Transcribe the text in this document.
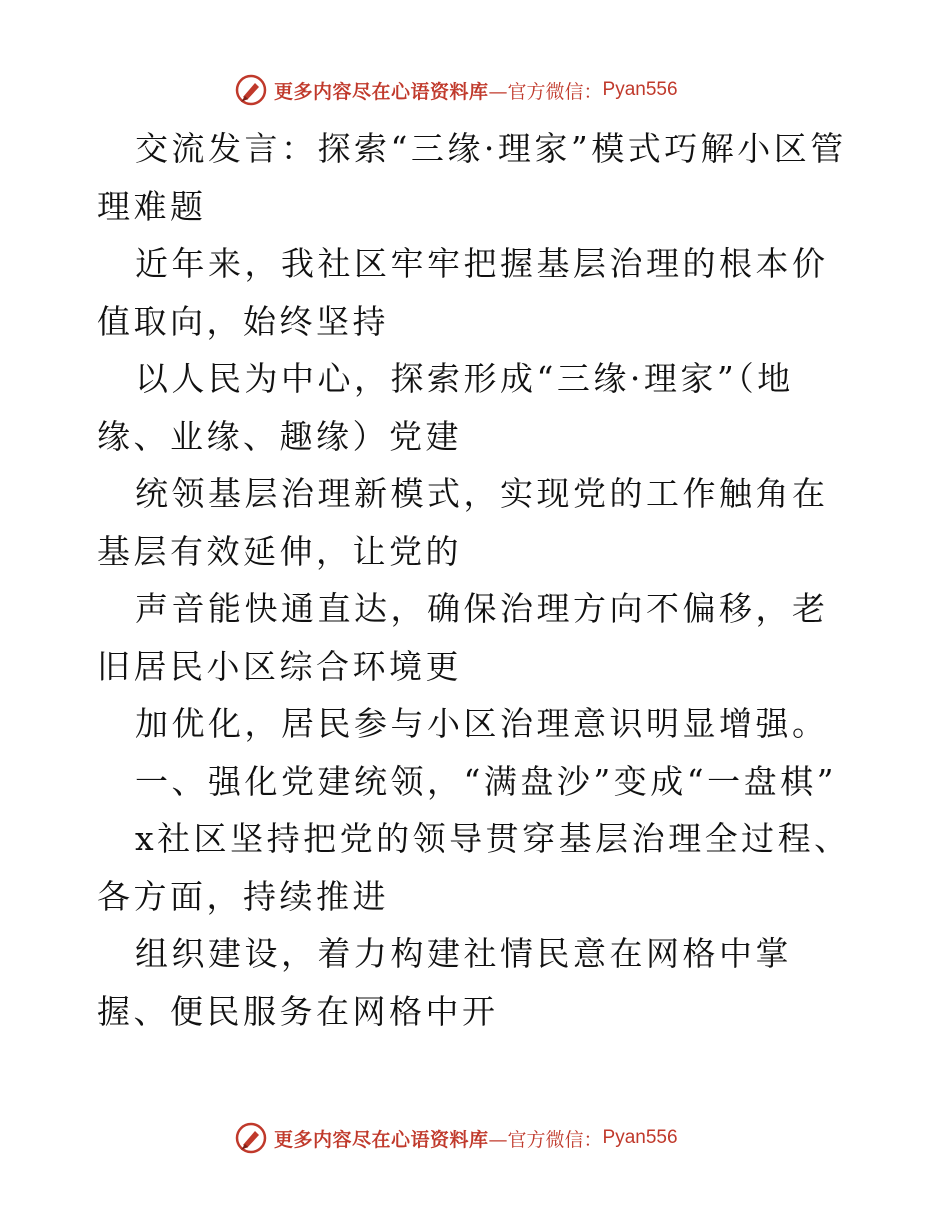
更多内容尽在心语资料库 —官方微信： Pyan556

交流发言：探索“三缘·理家”模式巧解小区管理难题

近年来，我社区牢牢把握基层治理的根本价值取向，始终坚持

以人民为中心，探索形成“三缘·理家”（地缘、业缘、趣缘）党建

统领基层治理新模式，实现党的工作触角在基层有效延伸，让党的

声音能快通直达，确保治理方向不偏移，老旧居民小区综合环境更

加优化，居民参与小区治理意识明显增强。

一、强化党建统领，“满盘沙”变成“一盘棋”

x社区坚持把党的领导贯穿基层治理全过程、各方面，持续推进

组织建设，着力构建社情民意在网格中掌握、便民服务在网格中开

更多内容尽在心语资料库 —官方微信： Pyan556
